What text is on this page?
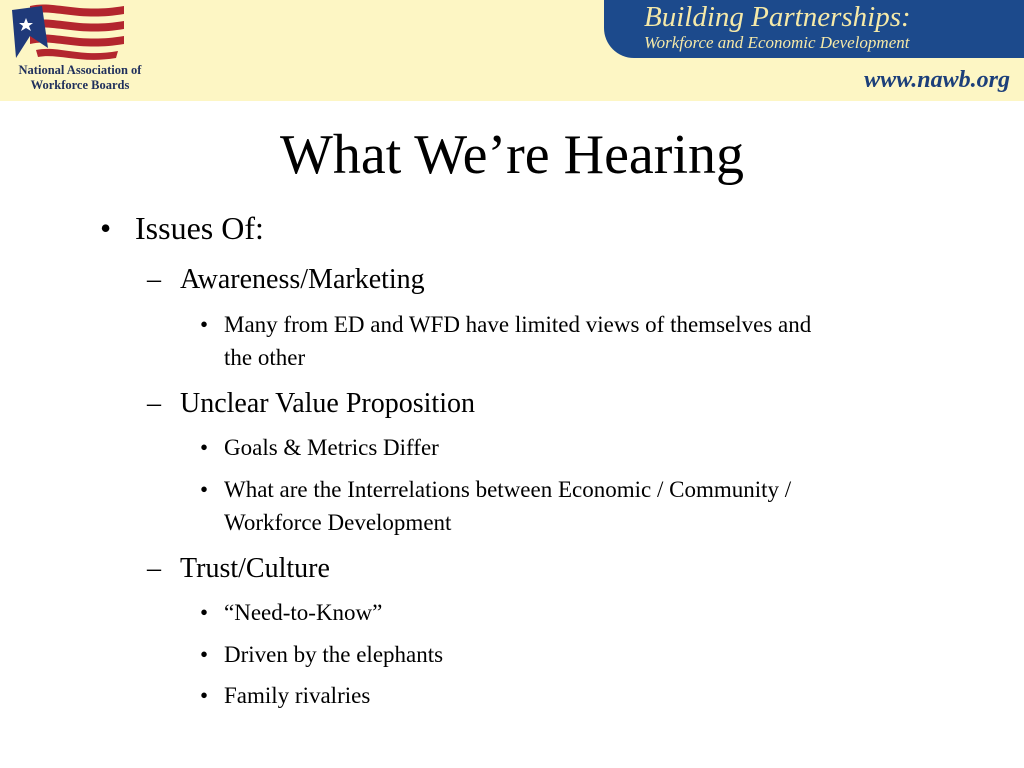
National Association of
Workforce Boards
Building Partnerships:
Workforce and Economic Development
www.nawb.org
What We’re Hearing
• Issues Of:
– Awareness/Marketing
• Many from ED and WFD have limited views of themselves and
the other
– Unclear Value Proposition
• Goals & Metrics Differ
• What are the Interrelations between Economic / Community /
Workforce Development
– Trust/Culture
• “Need-to-Know”
• Driven by the elephants
• Family rivalries
